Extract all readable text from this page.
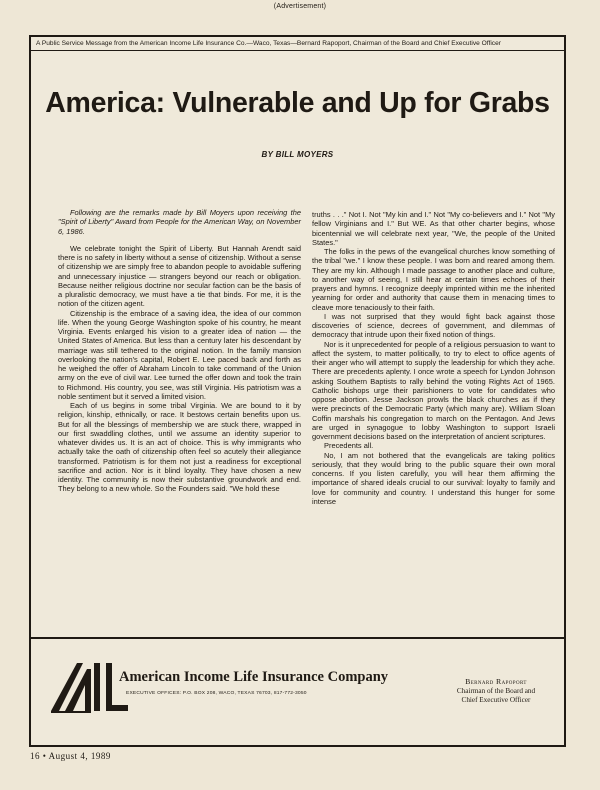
(Advertisement)
A Public Service Message from the American Income Life Insurance Co.—Waco, Texas—Bernard Rapoport, Chairman of the Board and Chief Executive Officer
America: Vulnerable and Up for Grabs
BY BILL MOYERS

Following are the remarks made by Bill Moyers upon receiving the "Spirit of Liberty" Award from People for the American Way, on November 6, 1986.

We celebrate tonight the Spirit of Liberty. But Hannah Arendt said there is no safety in liberty without a sense of citizenship. Without a sense of citizenship we are simply free to abandon people to avoidable suffering and unnecessary injustice — strangers beyond our reach or obligation. Because neither religious doctrine nor secular faction can be the basis of a pluralistic democracy, we must have a tie that binds. For me, it is the notion of the citizen agent.

Citizenship is the embrace of a saving idea, the idea of our common life. When the young George Washington spoke of his country, he meant Virginia. Events enlarged his vision to a greater idea of nation — the United States of America. But less than a century later his descendant by marriage was still tethered to the original notion. In the family mansion overlooking the nation's capital, Robert E. Lee paced back and forth as he weighed the offer of Abraham Lincoln to take command of the Union army on the eve of civil war. Lee turned the offer down and took the train to Richmond. His country, you see, was still Virginia. His patriotism was a noble sentiment but it served a limited vision.

Each of us begins in some tribal Virginia. We are bound to it by religion, kinship, ethnically, or race. It bestows certain benefits upon us. But for all the blessings of membership we are stuck there, wrapped in our first swaddling clothes, until we assume an identity superior to whatever divides us. It is an act of choice. This is why immigrants who actually take the oath of citizenship often feel so acutely their allegiance transformed. Patriotism is for them not just a readiness for exceptional sacrifice and action. Nor is it blind loyalty. They have chosen a new identity. The community is now their substantive groundwork and end. They belong to a new whole. So the Founders said. "We hold these

truths . . ." Not I. Not "My kin and I." Not "My co-believers and I." Not "My fellow Virginians and I." But WE. As that other charter begins, whose bicentennial we will celebrate next year, "We, the people of the United States."

The folks in the pews of the evangelical churches know something of the tribal "we." I know these people. I was born and reared among them. They are my kin. Although I made passage to another place and culture, to another way of seeing, I still hear at certain times echoes of their prayers and hymns. I recognize deeply imprinted within me the inherited yearning for order and authority that cause them in menacing times to cleave more tenaciously to their faith.

I was not surprised that they would fight back against those discoveries of science, decrees of government, and dilemmas of democracy that intrude upon their fixed notion of things.

Nor is it unprecedented for people of a religious persuasion to want to affect the system, to matter politically, to try to elect to office agents of their anger who will attempt to supply the leadership for which they ache. There are precedents aplenty. I once wrote a speech for Lyndon Johnson asking Southern Baptists to rally behind the voting Rights Act of 1965. Catholic bishops urge their parishioners to vote for candidates who oppose abortion. Jesse Jackson prowls the black churches as if they were precincts of the Democratic Party (which many are). William Sloan Coffin marshals his congregation to march on the Pentagon. And Jews are urged in synagogue to lobby Washington to support Israeli government decisions based on the interpretation of ancient scriptures.

Precedents all.

No, I am not bothered that the evangelicals are taking politics seriously, that they would bring to the public square their own moral concerns. If you listen carefully, you will hear them affirming the importance of shared ideals crucial to our survival: loyalty to family and love for community and country. I understand this hunger for some intense

American Income Life Insurance Company
EXECUTIVE OFFICES: P.O. BOX 208, WACO, TEXAS 76703, 817-772-3050
Bernard Rapoport
Chairman of the Board and
Chief Executive Officer
16 • August 4, 1989
